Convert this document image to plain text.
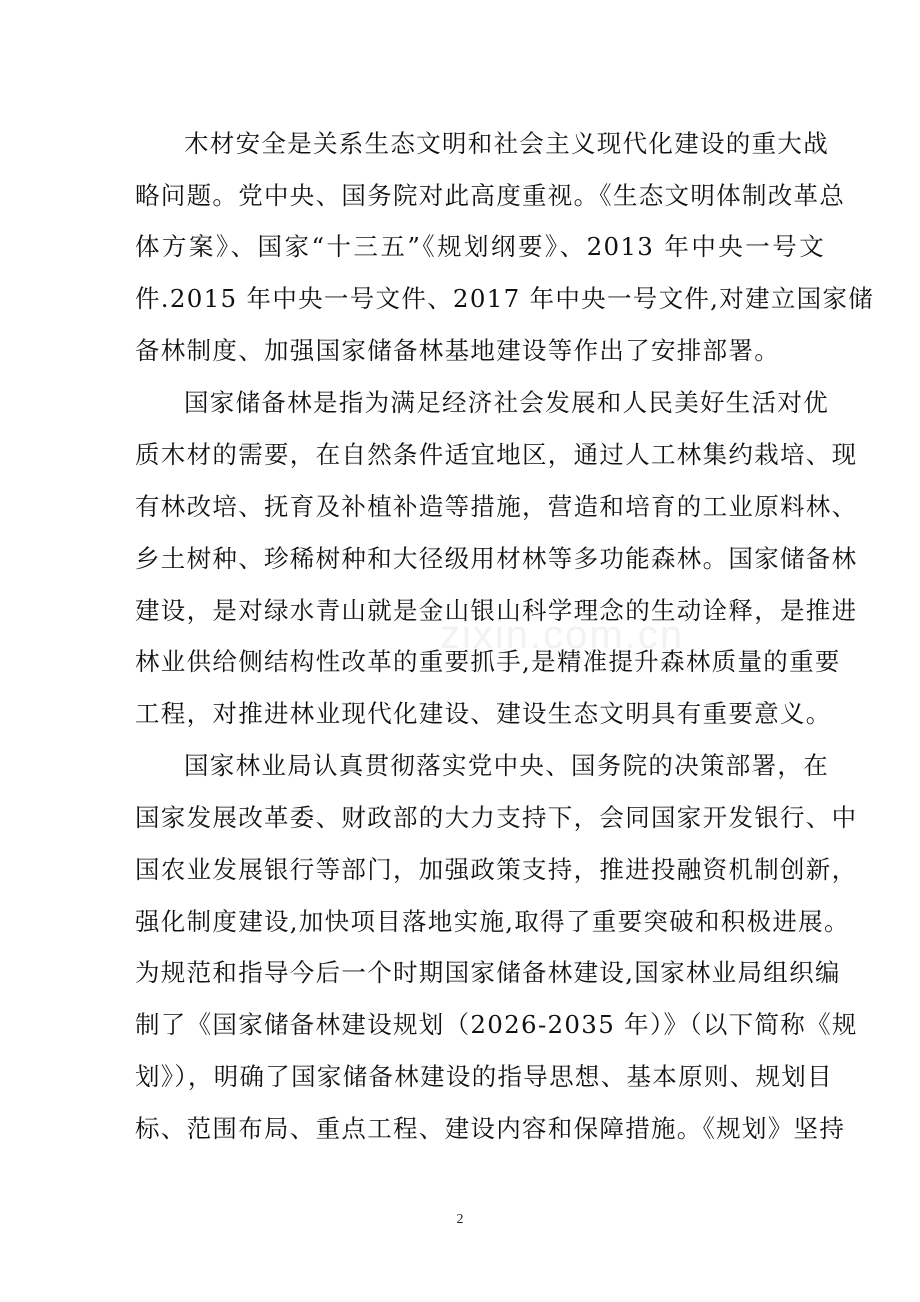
木材安全是关系生态文明和社会主义现代化建设的重大战
略问题。党中央、国务院对此高度重视。《生态文明体制改革总
体方案》、国家“十三五”《规划纲要》、2013 年中央一号文
件.2015 年中央一号文件、2017 年中央一号文件,对建立国家储
备林制度、加强国家储备林基地建设等作出了安排部署。
国家储备林是指为满足经济社会发展和人民美好生活对优
质木材的需要，在自然条件适宜地区，通过人工林集约栽培、现
有林改培、抚育及补植补造等措施，营造和培育的工业原料林、
乡土树种、珍稀树种和大径级用材林等多功能森林。国家储备林
建设，是对绿水青山就是金山银山科学理念的生动诠释，是推进
林业供给侧结构性改革的重要抓手,是精准提升森林质量的重要
工程，对推进林业现代化建设、建设生态文明具有重要意义。
国家林业局认真贯彻落实党中央、国务院的决策部署，在
国家发展改革委、财政部的大力支持下，会同国家开发银行、中
国农业发展银行等部门，加强政策支持，推进投融资机制创新，
强化制度建设,加快项目落地实施,取得了重要突破和积极进展。
为规范和指导今后一个时期国家储备林建设,国家林业局组织编
制了《国家储备林建设规划（2026-2035 年）》（以下简称《规
划》），明确了国家储备林建设的指导思想、基本原则、规划目
标、范围布局、重点工程、建设内容和保障措施。《规划》坚持
zixin.com.cn
2
